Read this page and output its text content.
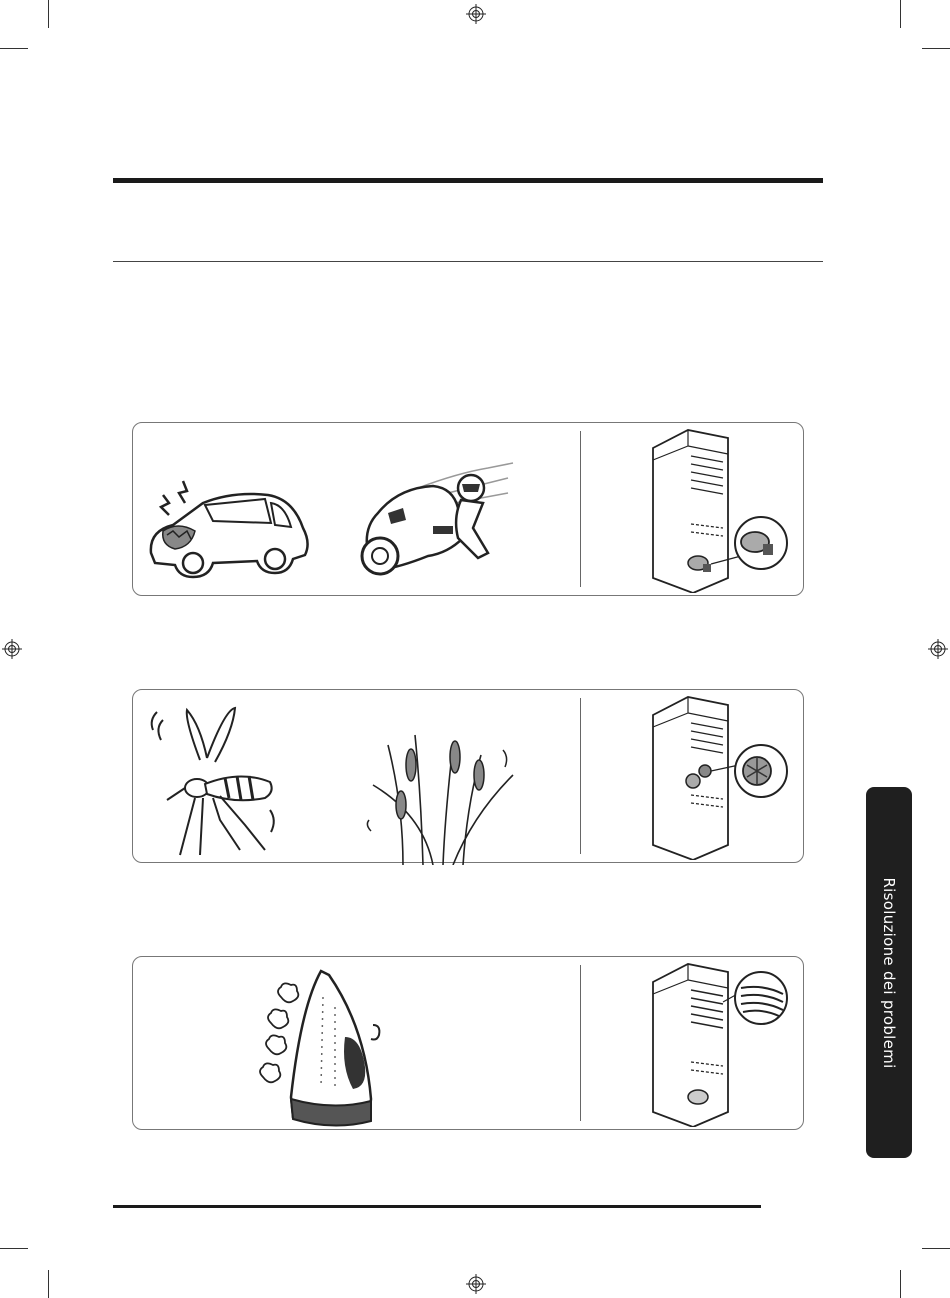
Risoluzione dei problemi
